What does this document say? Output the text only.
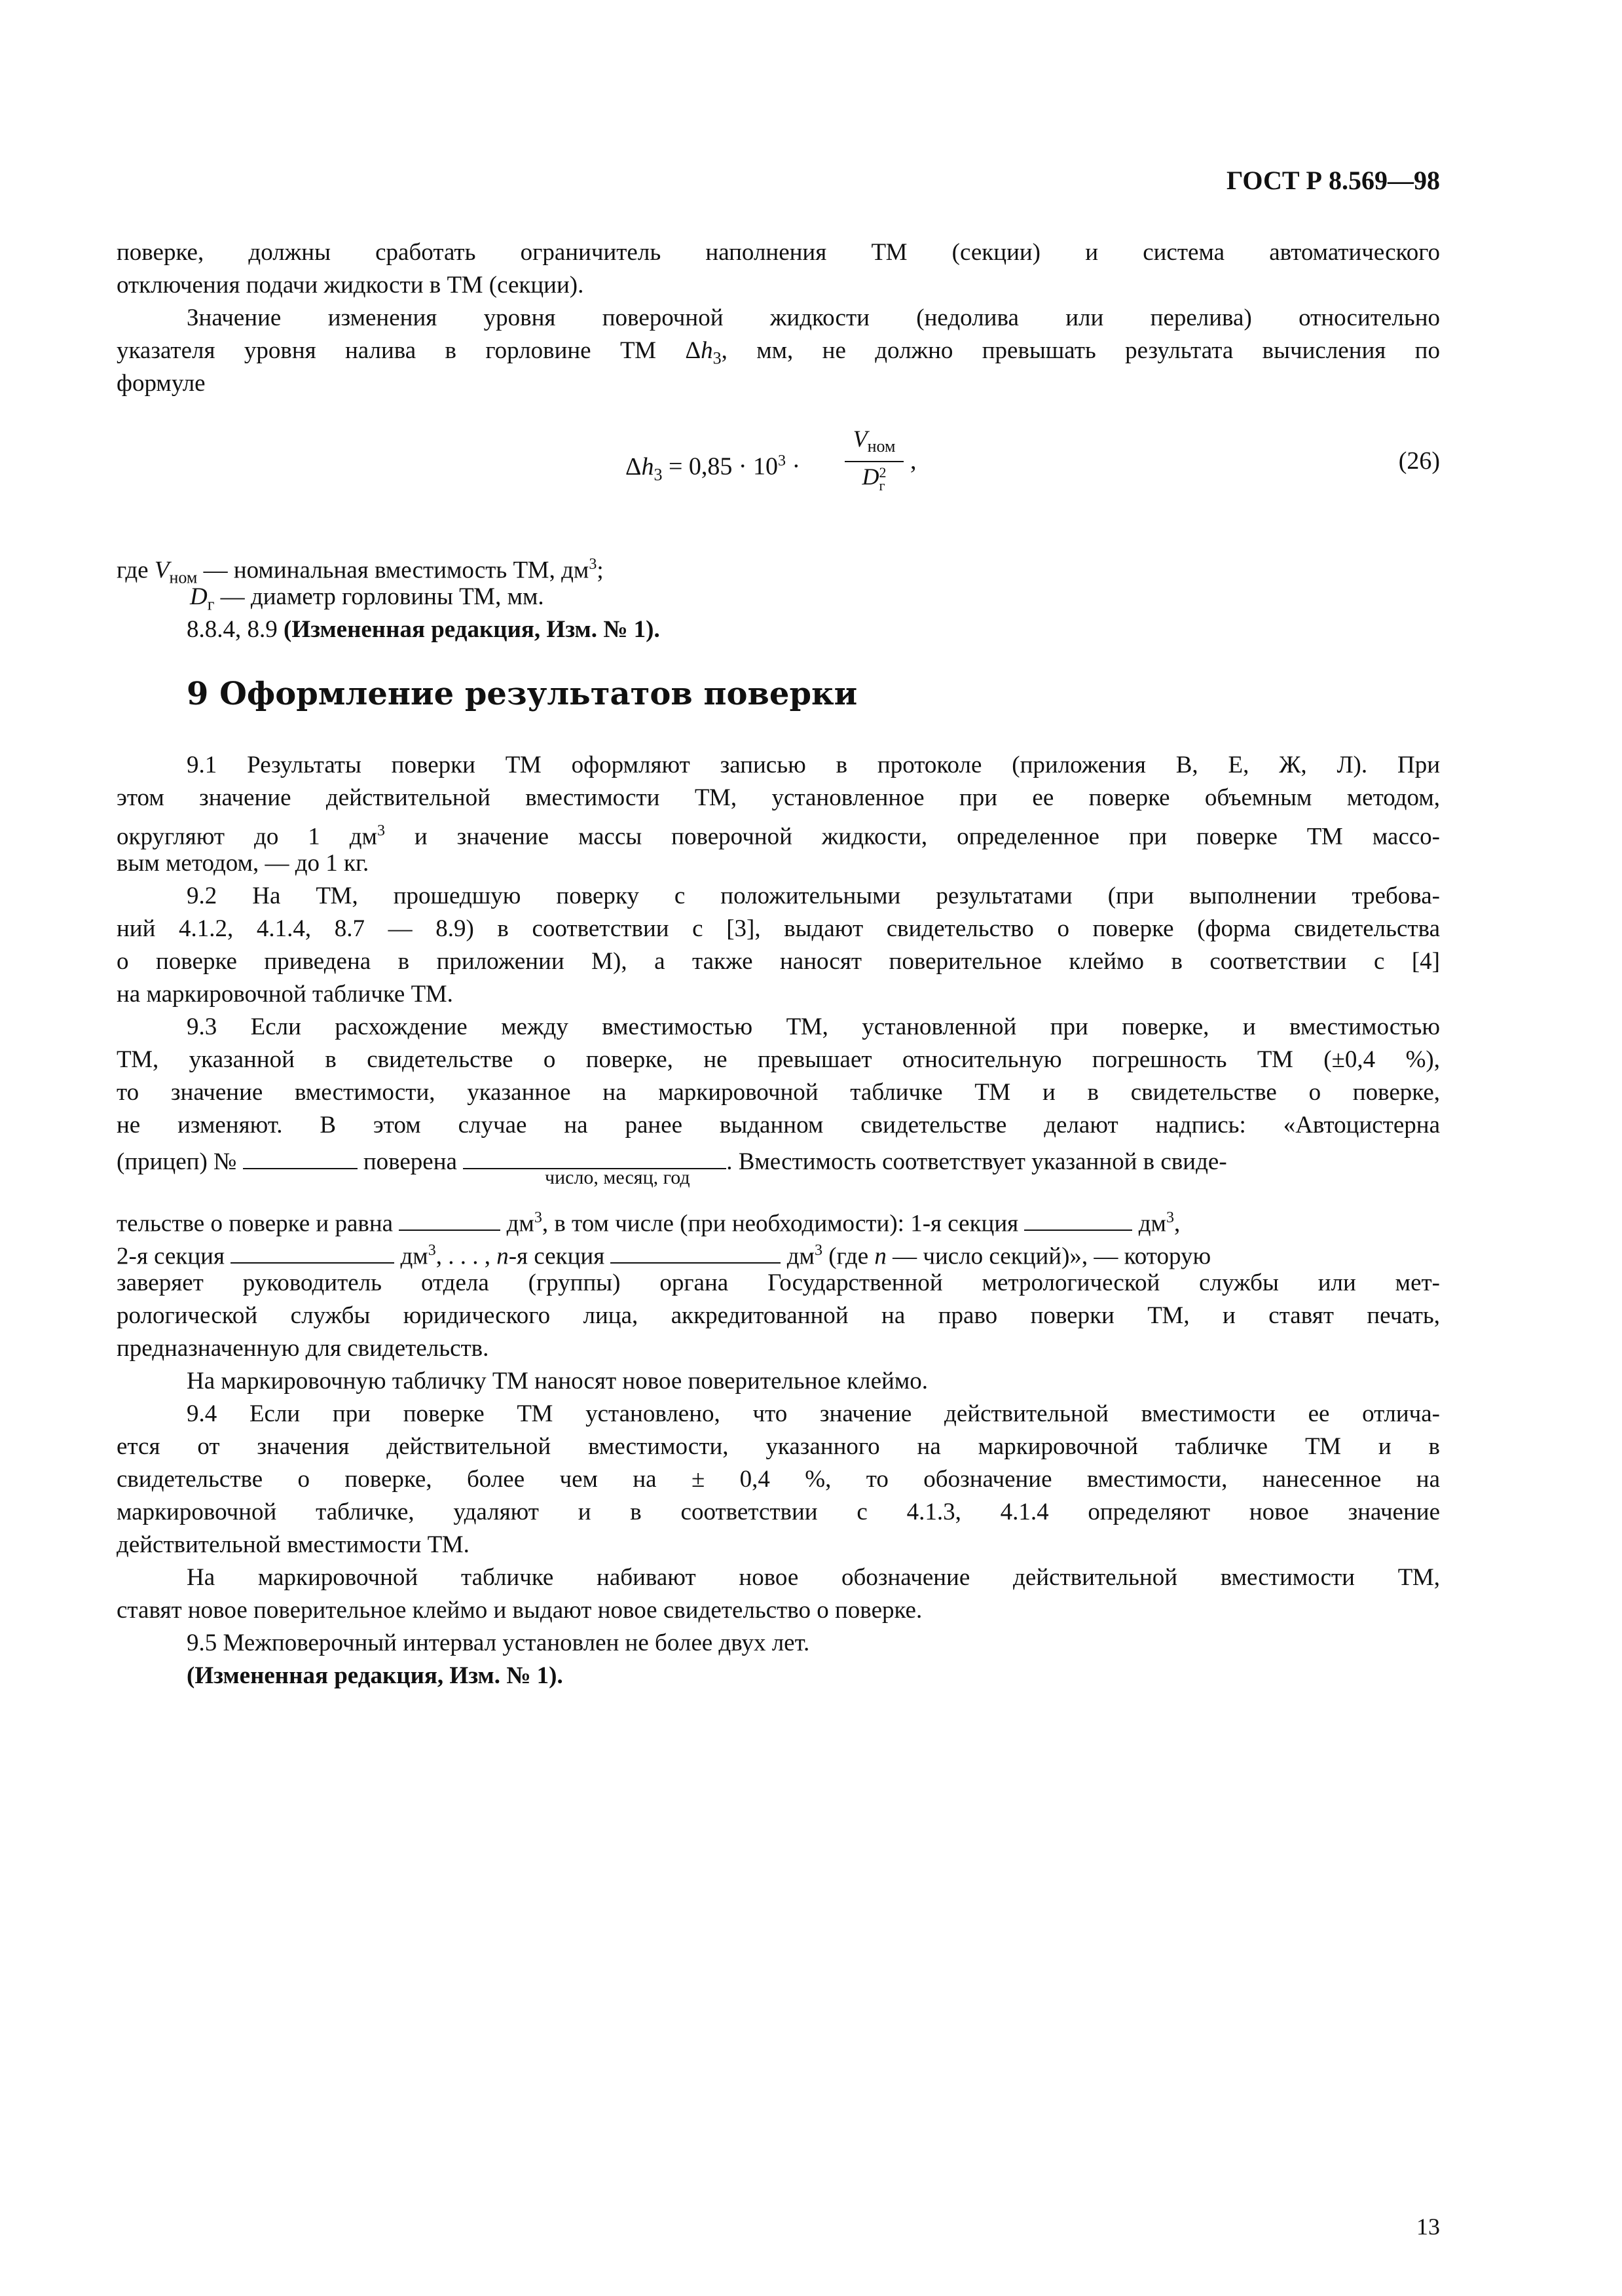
ГОСТ Р 8.569—98
поверке, должны сработать ограничитель наполнения ТМ (секции) и система автоматического
отключения подачи жидкости в ТМ (секции).
Значение изменения уровня поверочной жидкости (недолива или перелива) относительно
указателя уровня налива в горловине ТМ $\Delta h_3$, мм, не должно превышать результата вычисления по
формуле
$\Delta h_3 = 0,85 \cdot 10^3$ ·
$V_{ном}$
D 2
г
,	(26)
где $V_{ном}$ — номинальная вместимость ТМ, $дм^3$;
$D_г$ — диаметр горловины ТМ, мм.
8.8.4, 8.9 (Измененная редакция, Изм. № 1).
9 Оформление результатов поверки
9.1 Результаты поверки ТМ оформляют записью в протоколе (приложения В, Е, Ж, Л). При
этом значение действительной вместимости ТМ, установленное при ее поверке объемным методом,
округляют до 1 $дм^3$ и значение массы поверочной жидкости, определенное при поверке ТМ массо-
вым методом, — до 1 кг.
9.2 На ТМ, прошедшую поверку с положительными результатами (при выполнении требова-
ний 4.1.2, 4.1.4, 8.7 — 8.9) в соответствии с [3], выдают свидетельство о поверке (форма свидетельства
о поверке приведена в приложении М), а также наносят поверительное клеймо в соответствии с [4]
на маркировочной табличке ТМ.
9.3 Если расхождение между вместимостью ТМ, установленной при поверке, и вместимостью
ТМ, указанной в свидетельстве о поверке, не превышает относительную погрешность ТМ (±0,4 %),
то значение вместимости, указанное на маркировочной табличке ТМ и в свидетельстве о поверке,
не изменяют. В этом случае на ранее выданном свидетельстве делают надпись: «Автоцистерна
(прицеп) №	поверена	. Вместимость соответствует указанной в свиде-
число, месяц, год
тельстве о поверке и равна	$дм^3$, в том числе (при необходимости): 1-я секция	$дм^3$,
2-я секция	$дм^3$, . . . , n-я секция	$дм^3$ (где n — число секций)», — которую
заверяет руководитель отдела (группы) органа Государственной метрологической службы или мет-
рологической службы юридического лица, аккредитованной на право поверки ТМ, и ставят печать,
предназначенную для свидетельств.
На маркировочную табличку ТМ наносят новое поверительное клеймо.
9.4 Если при поверке ТМ установлено, что значение действительной вместимости ее отлича-
ется от значения действительной вместимости, указанного на маркировочной табличке ТМ и в
свидетельстве о поверке, более чем на ± 0,4 %, то обозначение вместимости, нанесенное на
маркировочной табличке, удаляют и в соответствии с 4.1.3, 4.1.4 определяют новое значение
действительной вместимости ТМ.
На маркировочной табличке набивают новое обозначение действительной вместимости ТМ,
ставят новое поверительное клеймо и выдают новое свидетельство о поверке.
9.5 Межповерочный интервал установлен не более двух лет.
(Измененная редакция, Изм. № 1).
13
